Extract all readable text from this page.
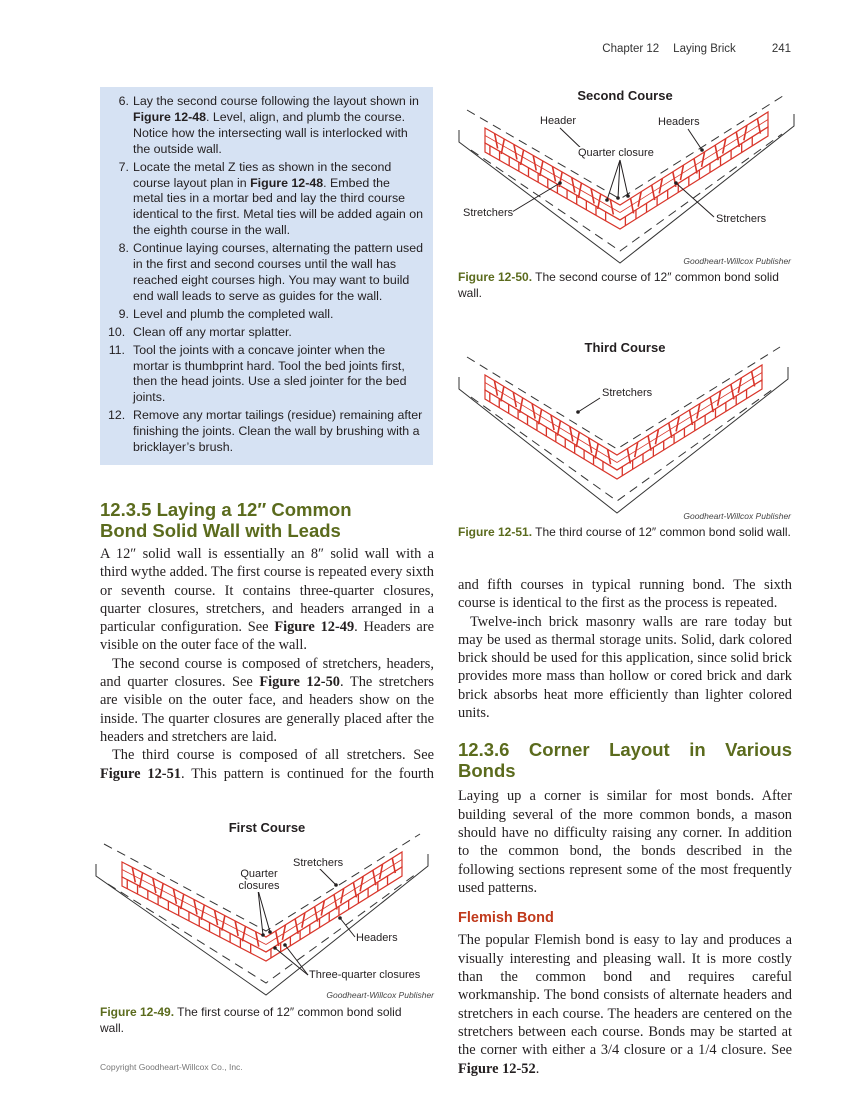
Chapter 12 Laying Brick	241
6. Lay the second course following the layout shown in Figure 12-48. Level, align, and plumb the course. Notice how the intersecting wall is interlocked with the outside wall.
7. Locate the metal Z ties as shown in the second course layout plan in Figure 12-48. Embed the metal ties in a mortar bed and lay the third course identical to the first. Metal ties will be added again on the eighth course in the wall.
8. Continue laying courses, alternating the pattern used in the first and second courses until the wall has reached eight courses high. You may want to build end wall leads to serve as guides for the wall.
9. Level and plumb the completed wall.
10. Clean off any mortar splatter.
11. Tool the joints with a concave jointer when the mortar is thumbprint hard. Tool the bed joints first, then the head joints. Use a sled jointer for the bed joints.
12. Remove any mortar tailings (residue) remaining after finishing the joints. Clean the wall by brushing with a bricklayer’s brush.
12.3.5 Laying a 12″ Common Bond Solid Wall with Leads

A 12″ solid wall is essentially an 8″ solid wall with a third wythe added. The first course is repeated every sixth or seventh course. It contains three-quarter closures, quarter closures, stretchers, and headers arranged in a particular configuration. See Figure 12-49. Headers are visible on the outer face of the wall.

The second course is composed of stretchers, headers, and quarter closures. See Figure 12-50. The stretchers are visible on the outer face, and headers show on the inside. The quarter closures are generally placed after the headers and stretchers are laid.

The third course is composed of all stretchers. See Figure 12-51. This pattern is continued for the fourth

and fifth courses in typical running bond. The sixth course is identical to the first as the process is repeated.

Twelve-inch brick masonry walls are rare today but may be used as thermal storage units. Solid, dark colored brick should be used for this application, since solid brick provides more mass than hollow or cored brick and dark brick absorbs heat more efficiently than lighter colored units.

12.3.6 Corner Layout in Various Bonds

Laying up a corner is similar for most bonds. After building several of the more common bonds, a mason should have no difficulty raising any corner. In addition to the common bond, the bonds described in the following sections represent some of the most frequently used patterns.

Flemish Bond

The popular Flemish bond is easy to lay and produces a visually interesting and pleasing wall. It is more costly than the common bond and requires careful workmanship. The bond consists of alternate headers and stretchers in each course. The headers are centered on the stretchers between each course. Bonds may be started at the corner with either a 3/4 closure or a 1/4 closure. See Figure 12-52.

Second Course
Header	Headers
Quarter closure
Stretchers	Stretchers
Goodheart-Willcox Publisher
Figure 12-50. The second course of 12″ common bond solid wall.
Third Course
Stretchers
Goodheart-Willcox Publisher
Figure 12-51. The third course of 12″ common bond solid wall.
First Course
Stretchers
Quarter closures
Headers
Three-quarter closures
Goodheart-Willcox Publisher
Figure 12-49. The first course of 12″ common bond solid wall.
Copyright Goodheart-Willcox Co., Inc.
